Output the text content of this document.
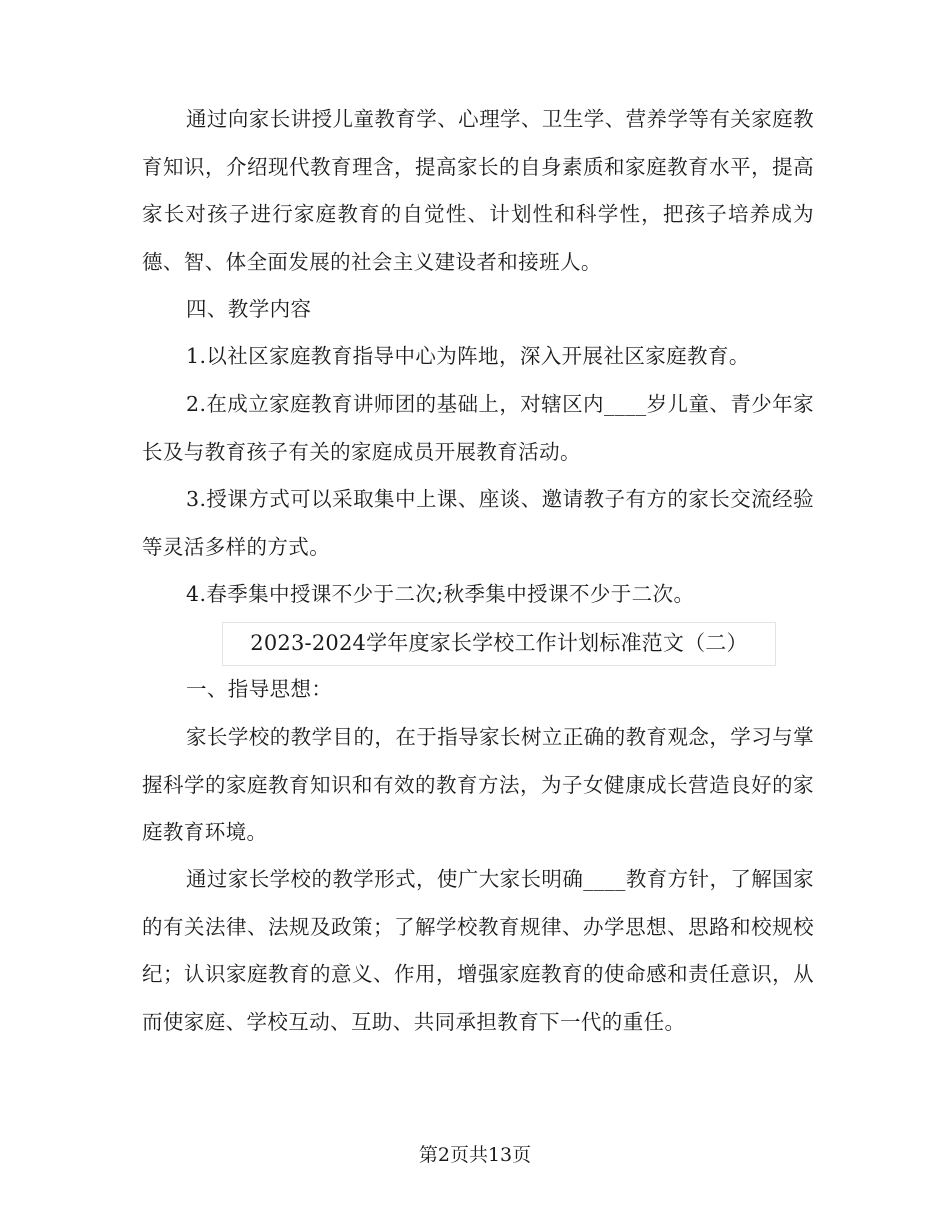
通过向家长讲授儿童教育学、心理学、卫生学、营养学等有关家庭教育知识，介绍现代教育理含，提高家长的自身素质和家庭教育水平，提高家长对孩子进行家庭教育的自觉性、计划性和科学性，把孩子培养成为德、智、体全面发展的社会主义建设者和接班人。

四、教学内容

1.以社区家庭教育指导中心为阵地，深入开展社区家庭教育。

2.在成立家庭教育讲师团的基础上，对辖区内____岁儿童、青少年家长及与教育孩子有关的家庭成员开展教育活动。

3.授课方式可以采取集中上课、座谈、邀请教子有方的家长交流经验等灵活多样的方式。

4.春季集中授课不少于二次;秋季集中授课不少于二次。

2023-2024学年度家长学校工作计划标准范文（二）

一、指导思想：

家长学校的教学目的，在于指导家长树立正确的教育观念，学习与掌握科学的家庭教育知识和有效的教育方法，为子女健康成长营造良好的家庭教育环境。

通过家长学校的教学形式，使广大家长明确____教育方针，了解国家的有关法律、法规及政策；了解学校教育规律、办学思想、思路和校规校纪；认识家庭教育的意义、作用，增强家庭教育的使命感和责任意识，从而使家庭、学校互动、互助、共同承担教育下一代的重任。

第2页共13页
